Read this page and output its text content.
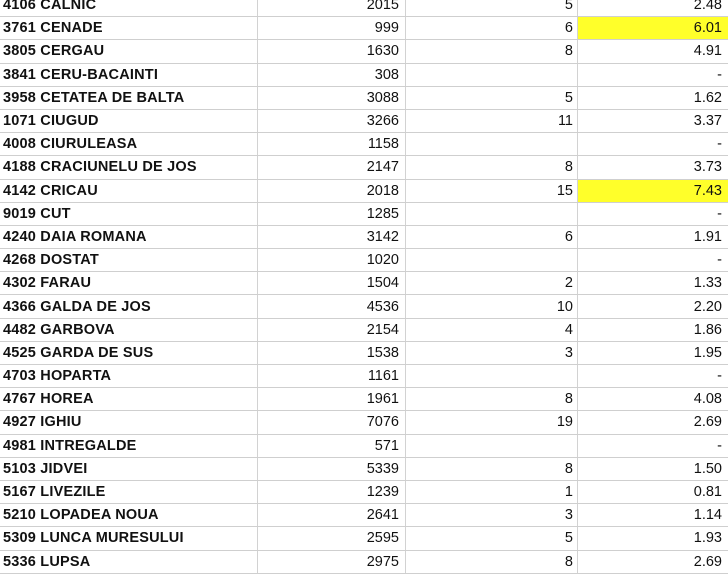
4106 CALNIC	2015	5	2.48
3761 CENADE	999	6	6.01
3805 CERGAU	1630	8	4.91
3841 CERU-BACAINTI	308		-
3958 CETATEA DE BALTA	3088	5	1.62
1071 CIUGUD	3266	11	3.37
4008 CIURULEASA	1158		-
4188 CRACIUNELU DE JOS	2147	8	3.73
4142 CRICAU	2018	15	7.43
9019 CUT	1285		-
4240 DAIA ROMANA	3142	6	1.91
4268 DOSTAT	1020		-
4302 FARAU	1504	2	1.33
4366 GALDA DE JOS	4536	10	2.20
4482 GARBOVA	2154	4	1.86
4525 GARDA DE SUS	1538	3	1.95
4703 HOPARTA	1161		-
4767 HOREA	1961	8	4.08
4927 IGHIU	7076	19	2.69
4981 INTREGALDE	571		-
5103 JIDVEI	5339	8	1.50
5167 LIVEZILE	1239	1	0.81
5210 LOPADEA NOUA	2641	3	1.14
5309 LUNCA MURESULUI	2595	5	1.93
5336 LUPSA	2975	8	2.69
